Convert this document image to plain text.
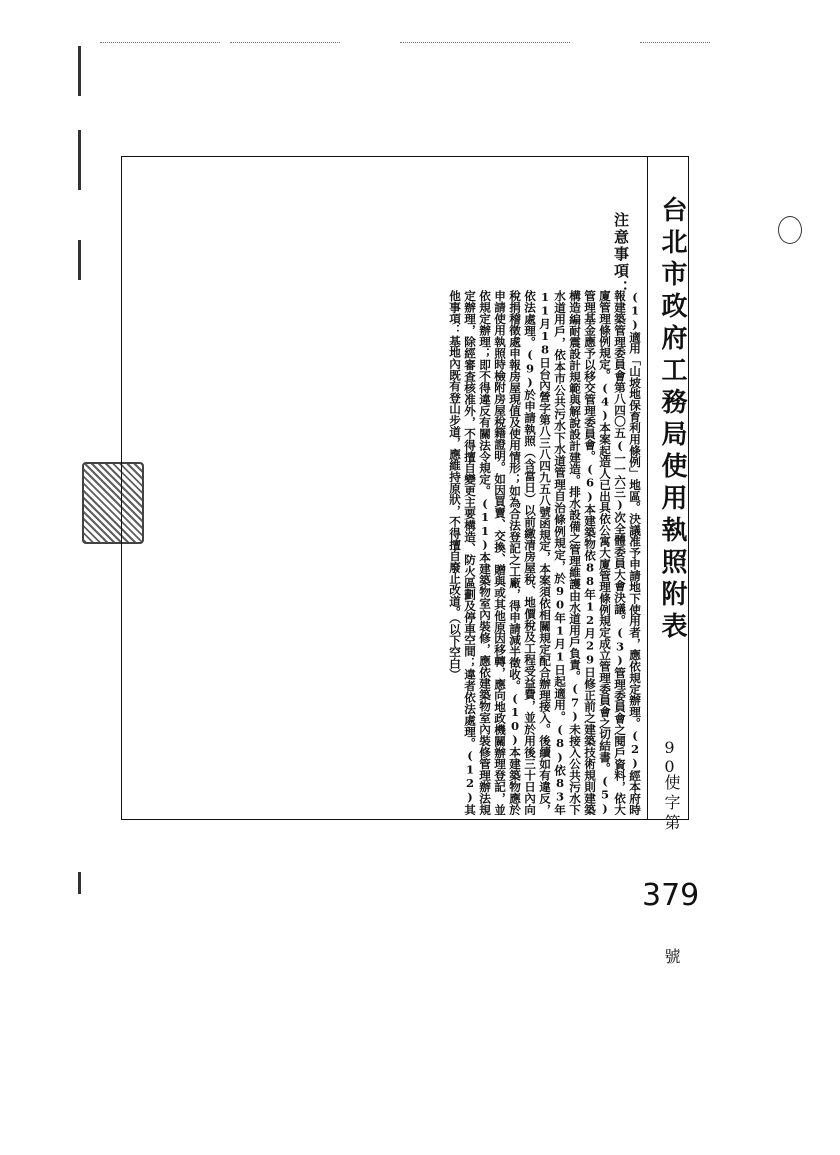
台北市政府工務局使用執照附表
90
使字第
379
號
注意事項：
(1)適用「山坡地保育利用條例」地區。決議准予申請地下使用者，應依規定辦理。(2)經本府時報建築管理委員會第八四〇五(一一六三)次全體委員大會決議。(3)管理委員會之閱戶資料，依大廈管理條例規定。(4)本案起造人已出具依公寓大廈管理條例規定成立管理委員會之切結書。(5)管理基金應予以移交管理委員會。(6)本建築物依88年12月29日修正前之建築技術規則建築構造編耐震設計規範與解說設計建造。排水設備之管理維護由水道用戶負責。(7)未接入公共污水下水道用戶，依本市公共污水下水道管理自治條例規定，於90年1月1日起適用。(8)依83年11月18日台內營字第八三八四九五八號函規定，本案須依相關規定配合辦理接入。後續如有違反，依法處理。(9)於申請執照（含當日）以前繳清房屋稅、地價稅及工程受益費，並於用後三十日內向稅捐稽徵處申報房屋現值及使用情形；如為合法登記之工廠，得申請減半徵收。(10)本建築物應於申請使用執照時檢附房屋稅籍證明。如因買賣、交換、贈與或其他原因移轉，應向地政機關辦理登記，並依規定辦理；即不得違反有關法令規定。(11)本建築物室內裝修，應依建築物室內裝修管理辦法規定辦理，除經審查核准外，不得擅自變更主要構造、防火區劃及停車空間；違者依法處理。(12)其他事項：基地內既有登山步道，應維持原狀，不得擅自廢止改道。（以下空白）
